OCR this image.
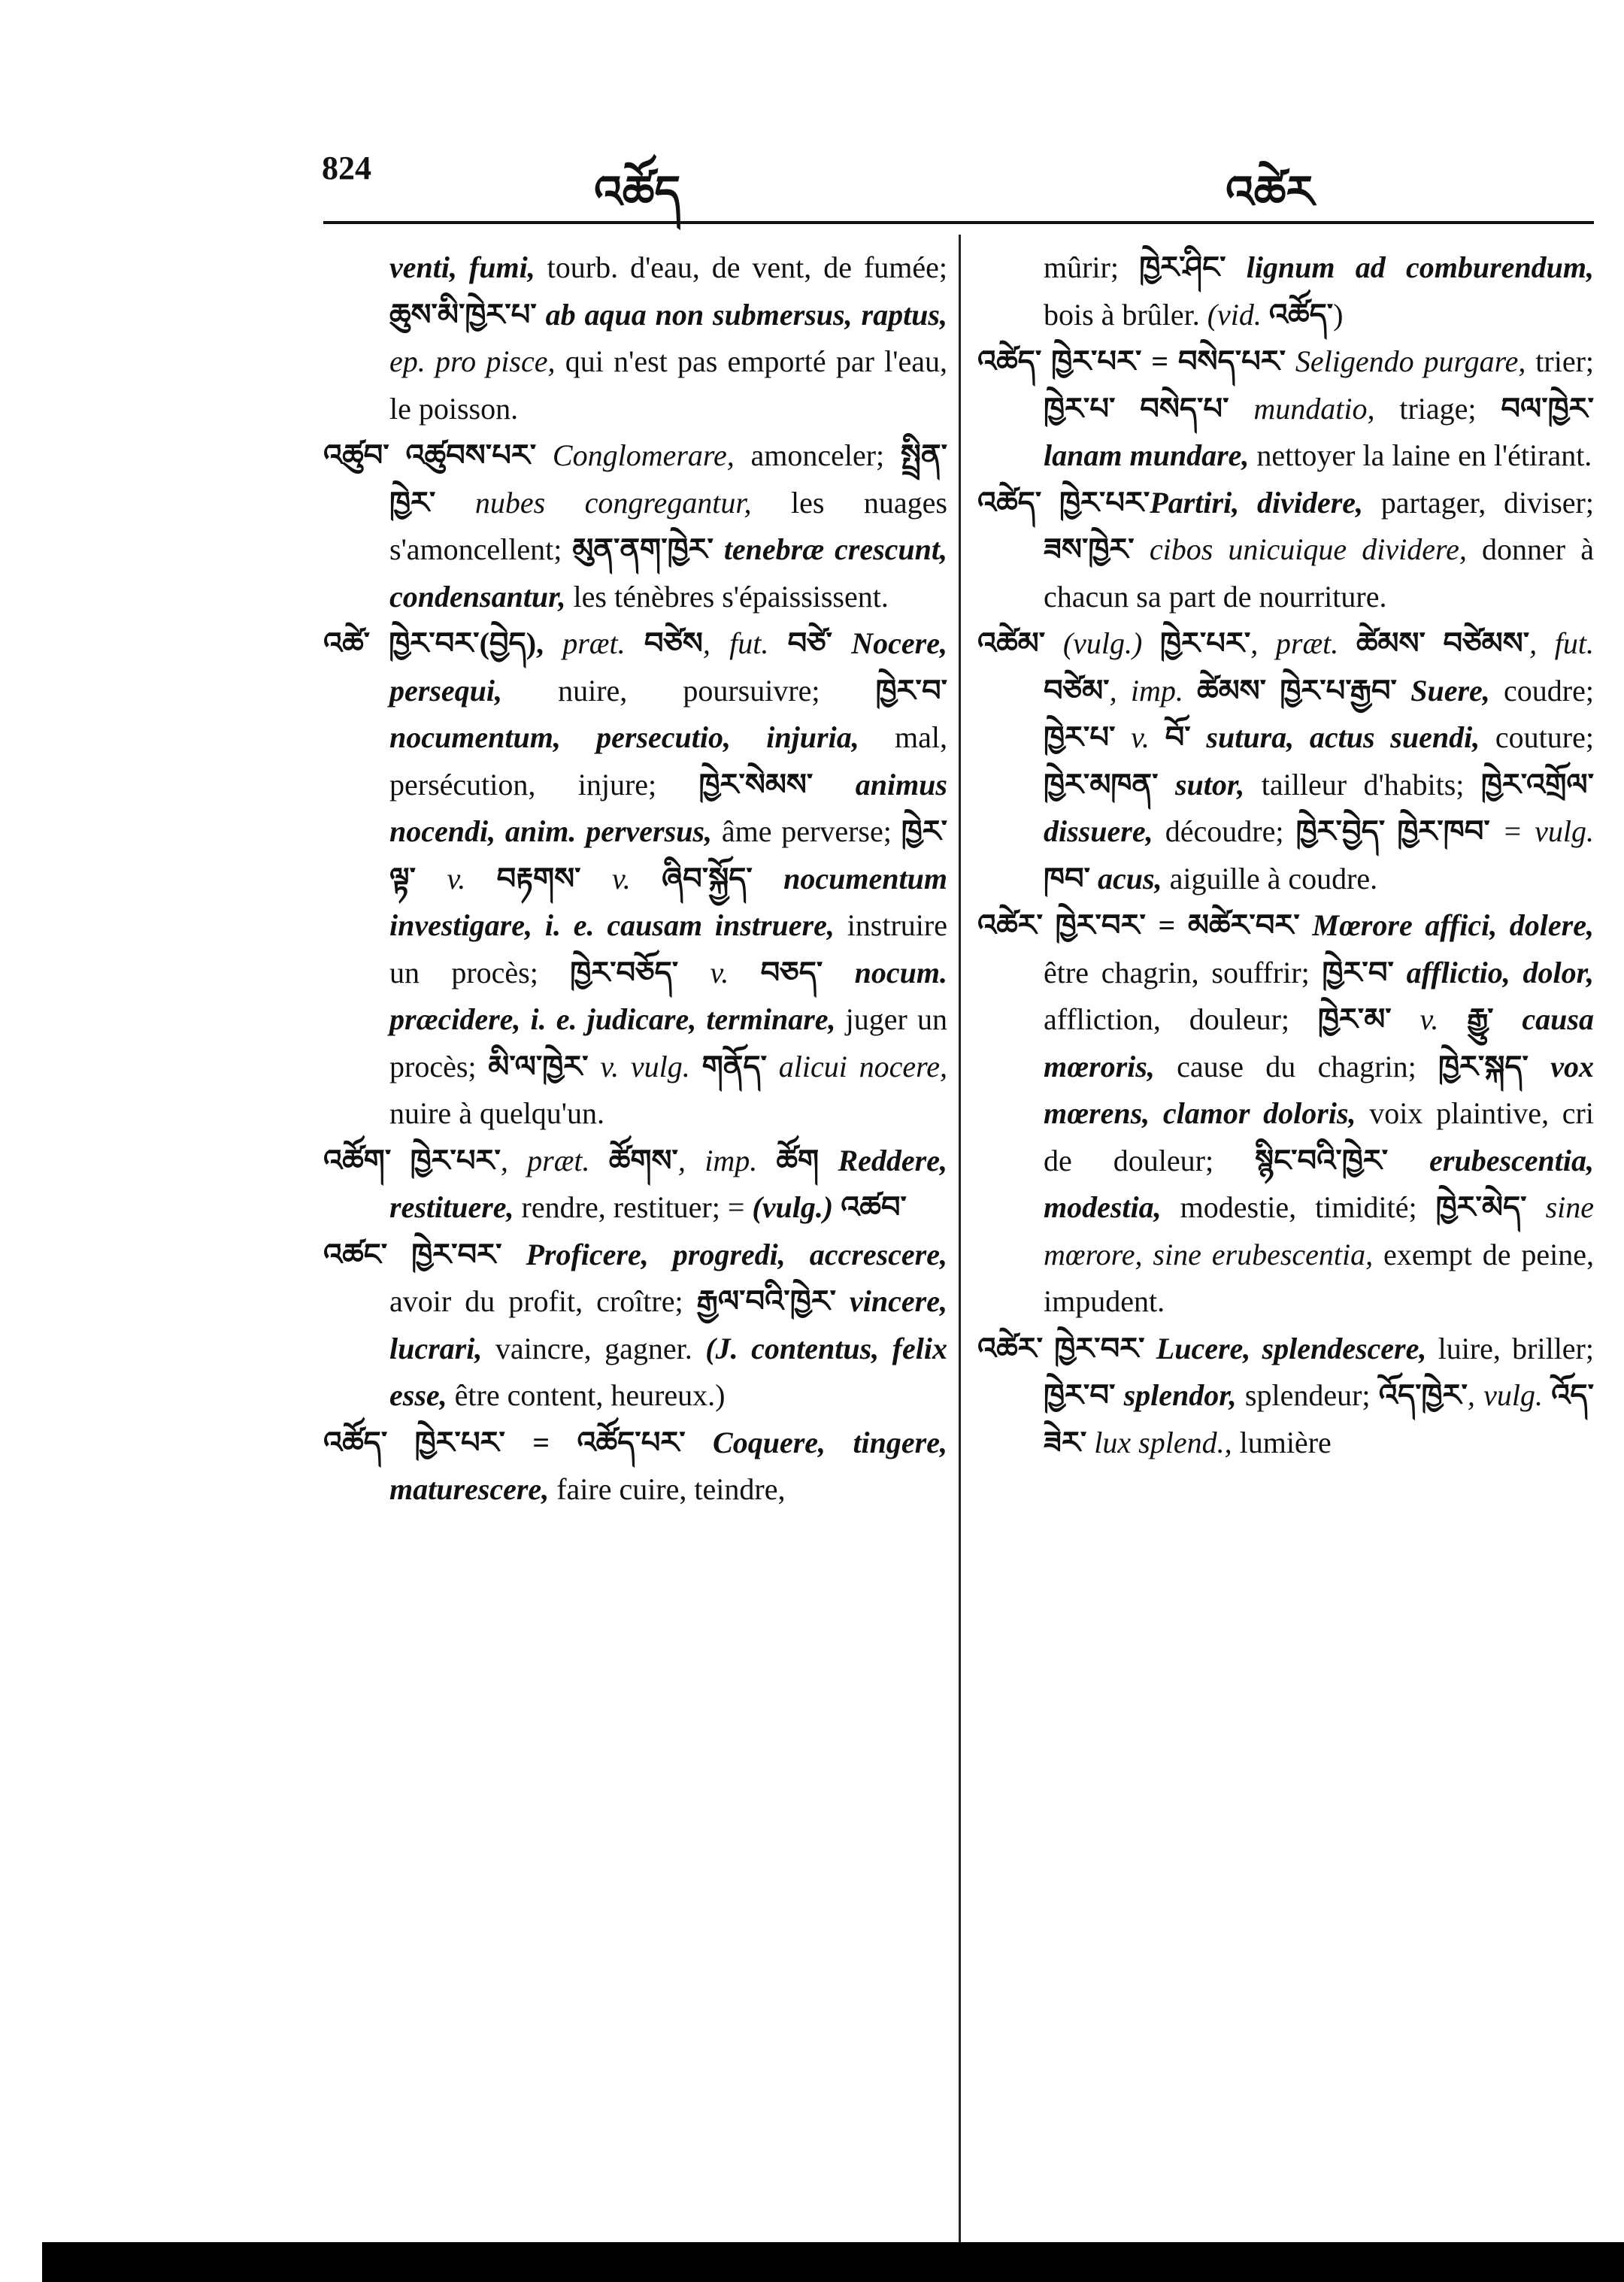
824	འཚོད	འཚེར

venti, fumi, tourb. d'eau, de vent, de fumée; ཆུས་མི་ཁྱེར་པ་ ab aqua non submersus, raptus, ep. pro pisce, qui n'est pas emporté par l'eau, le poisson.

འཚུབ་ འཚུབས་པར་ Conglomerare, amonceler; སྤྲིན་ཁྱེར་ nubes congregantur, les nuages s'amoncellent; མུན་ནག་ཁྱེར་ tenebræ crescunt, condensantur, les ténèbres s'épaississent.

འཚེ་ ཁྱེར་བར་(བྱེད), præt. བཙེས, fut. བཙེ་ Nocere, persequi, nuire, poursuivre; ཁྱེར་བ་ nocumentum, persecutio, injuria, mal, persécution, injure; ཁྱེར་སེམས་ animus nocendi, anim. perversus, âme perverse; ཁྱེར་ལྟ་ v. བརྟགས་ v. ཞིབ་སྐྱོད་ nocumentum investigare, i. e. causam instruere, instruire un procès; ཁྱེར་བཅོད་ v. བཅད་ nocum. præcidere, i. e. judicare, terminare, juger un procès; མི་ལ་ཁྱེར་ v. vulg. གནོད་ alicui nocere, nuire à quelqu'un.

འཚོག་ ཁྱེར་པར་, præt. ཚོགས་, imp. ཚོག Reddere, restituere, rendre, restituer; = (vulg.) འཚབ་

འཚང་ ཁྱེར་བར་ Proficere, progredi, accrescere, avoir du profit, croître; རྒྱལ་བའི་ཁྱེར་ vincere, lucrari, vaincre, gagner. (J. contentus, felix esse, être content, heureux.)

འཚོད་ ཁྱེར་པར་ = འཚོད་པར་ Coquere, tingere, maturescere, faire cuire, teindre,

mûrir; ཁྱེར་ཤིང་ lignum ad comburendum, bois à brûler. (vid. འཚོད་)

འཚེད་ ཁྱེར་པར་ = བསེད་པར་ Seligendo purgare, trier; ཁྱེར་པ་ བསེད་པ་ mundatio, triage; བལ་ཁྱེར་ lanam mundare, nettoyer la laine en l'étirant.

འཚེད་ ཁྱེར་པར་Partiri, dividere, partager, diviser; ཟས་ཁྱེར་ cibos unicuique dividere, donner à chacun sa part de nourriture.

འཚེམ་ (vulg.) ཁྱེར་པར་, præt. ཚེམས་ བཙེམས་, fut. བཙེམ་, imp. ཚེམས་ ཁྱེར་པ་རྒྱབ་ Suere, coudre; ཁྱེར་པ་ v. བོ་ sutura, actus suendi, couture; ཁྱེར་མཁན་ sutor, tailleur d'habits; ཁྱེར་འགྲོལ་ dissuere, découdre; ཁྱེར་བྱེད་ ཁྱེར་ཁབ་ = vulg. ཁབ་ acus, aiguille à coudre.

འཚེར་ ཁྱེར་བར་ = མཚེར་བར་ Mœrore affici, dolere, être chagrin, souffrir; ཁྱེར་བ་ afflictio, dolor, affliction, douleur; ཁྱེར་མ་ v. རྒྱུ་ causa mœroris, cause du chagrin; ཁྱེར་སྐད་ vox mœrens, clamor doloris, voix plaintive, cri de douleur; སྙིང་བའི་ཁྱེར་ erubescentia, modestia, modestie, timidité; ཁྱེར་མེད་ sine mœrore, sine erubescentia, exempt de peine, impudent.

འཚེར་ ཁྱེར་བར་ Lucere, splendescere, luire, briller; ཁྱེར་བ་ splendor, splendeur; འོད་ཁྱེར་, vulg. འོད་ཟེར་ lux splend., lumière
